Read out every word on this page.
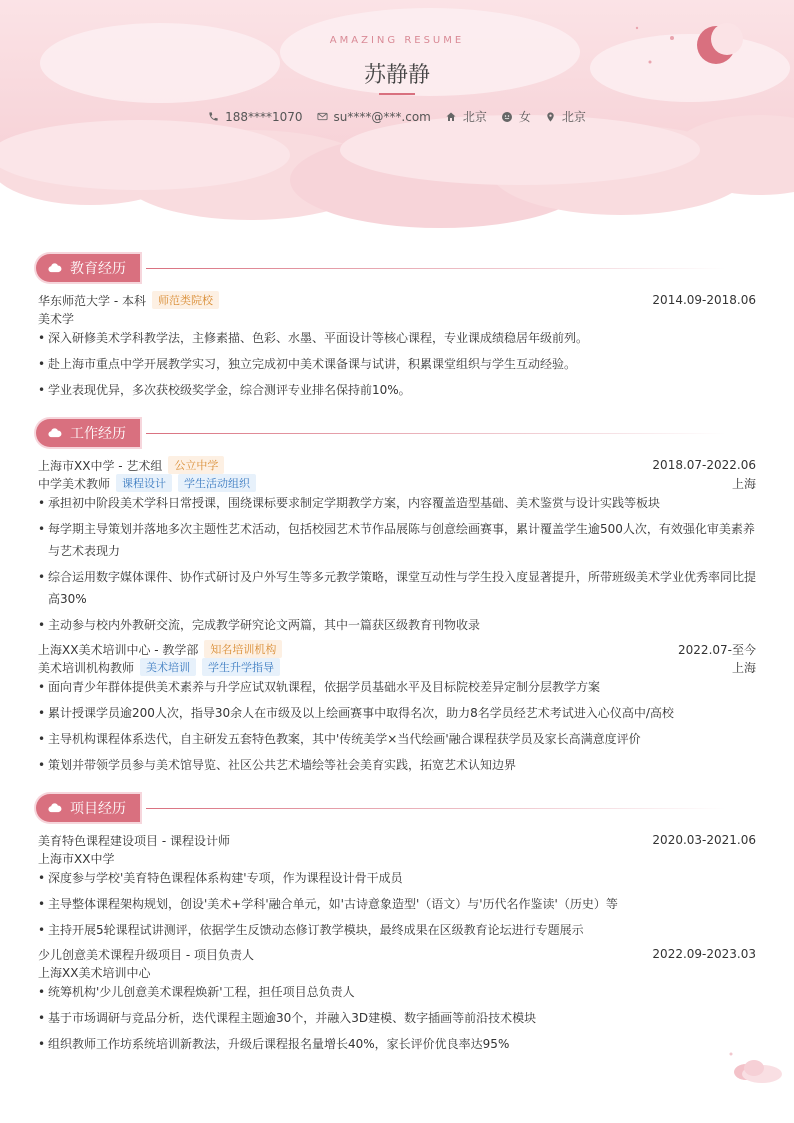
AMAZING RESUME
苏静静
188****1070	su****@***.com	北京	女	北京
教育经历
华东师范大学 - 本科	师范类院校	2014.09-2018.06
美术学
• 深入研修美术学科教学法，主修素描、色彩、水墨、平面设计等核心课程，专业课成绩稳居年级前列。
• 赴上海市重点中学开展教学实习，独立完成初中美术课备课与试讲，积累课堂组织与学生互动经验。
• 学业表现优异，多次获校级奖学金，综合测评专业排名保持前10%。
工作经历
上海市XX中学 - 艺术组	公立中学	2018.07-2022.06
中学美术教师	课程设计	学生活动组织	上海
• 承担初中阶段美术学科日常授课，围绕课标要求制定学期教学方案，内容覆盖造型基础、美术鉴赏与设计实践等板块
• 每学期主导策划并落地多次主题性艺术活动，包括校园艺术节作品展陈与创意绘画赛事，累计覆盖学生逾500人次，有效强化审美素养与艺术表现力
• 综合运用数字媒体课件、协作式研讨及户外写生等多元教学策略，课堂互动性与学生投入度显著提升，所带班级美术学业优秀率同比提高30%
• 主动参与校内外教研交流，完成教学研究论文两篇，其中一篇获区级教育刊物收录
上海XX美术培训中心 - 教学部	知名培训机构	2022.07-至今
美术培训机构教师	美术培训	学生升学指导	上海
• 面向青少年群体提供美术素养与升学应试双轨课程，依据学员基础水平及目标院校差异定制分层教学方案
• 累计授课学员逾200人次，指导30余人在市级及以上绘画赛事中取得名次，助力8名学员经艺术考试进入心仪高中/高校
• 主导机构课程体系迭代，自主研发五套特色教案，其中'传统美学×当代绘画'融合课程获学员及家长高满意度评价
• 策划并带领学员参与美术馆导览、社区公共艺术墙绘等社会美育实践，拓宽艺术认知边界
项目经历
美育特色课程建设项目 - 课程设计师	2020.03-2021.06
上海市XX中学
• 深度参与学校'美育特色课程体系构建'专项，作为课程设计骨干成员
• 主导整体课程架构规划，创设'美术+学科'融合单元，如'古诗意象造型'（语文）与'历代名作鉴读'（历史）等
• 主持开展5轮课程试讲测评，依据学生反馈动态修订教学模块，最终成果在区级教育论坛进行专题展示
少儿创意美术课程升级项目 - 项目负责人	2022.09-2023.03
上海XX美术培训中心
• 统筹机构'少儿创意美术课程焕新'工程，担任项目总负责人
• 基于市场调研与竞品分析，迭代课程主题逾30个，并融入3D建模、数字插画等前沿技术模块
• 组织教师工作坊系统培训新教法，升级后课程报名量增长40%，家长评价优良率达95%
